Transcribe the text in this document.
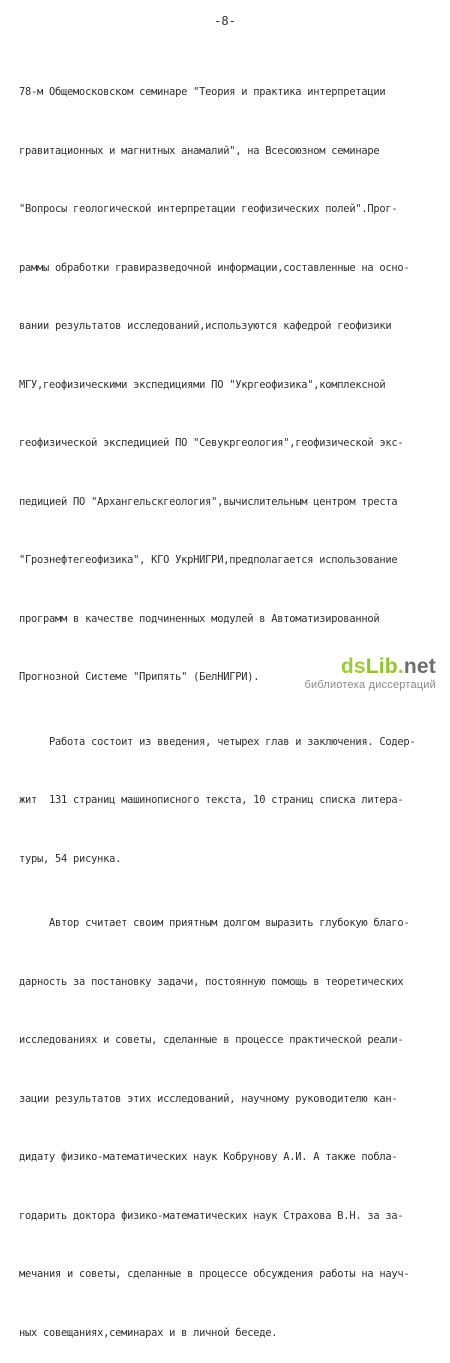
-8-

78-м Общемосковском семинаре "Теория и практика интерпретации

гравитационных и магнитных анамалий", на Всесоюзном семинаре

"Вопросы геологической интерпретации геофизических полей".Прог-

раммы обработки гравиразведочной информации,составленные на осно-

вании результатов исследований,используются кафедрой геофизики

МГУ,геофизическими экспедициями ПО "Укргеофизика",комплексной

геофизической экспедицией ПО "Севукргеология",геофизической экс-

педицией ПО "Архангельскгеология",вычислительным центром треста

"Грознефтегеофизика", КГО УкрНИГРИ,предполагается использование

программ в качестве подчиненных модулей в Автоматизированной

Прогнозной Системе "Припять" (БелНИГРИ).

Работа состоит из введения, четырех глав и заключения. Содер-

жит  131 страниц машинописного текста, 10 страниц списка литера-

туры, 54 рисунка.

Автор считает своим приятным долгом выразить глубокую благо-

дарность за постановку задачи, постоянную помощь в теоретических

исследованиях и советы, сделанные в процессе практической реали-

зации результатов этих исследований, научному руководителю кан-

дидату физико-математических наук Кобрунову А.И. А также побла-

годарить доктора физико-математических наук Страхова В.Н. за за-

мечания и советы, сделанные в процессе обсуждения работы на науч-

ных совещаниях,семинарах и в личной беседе.

dsLib.net
библиотека диссертаций
